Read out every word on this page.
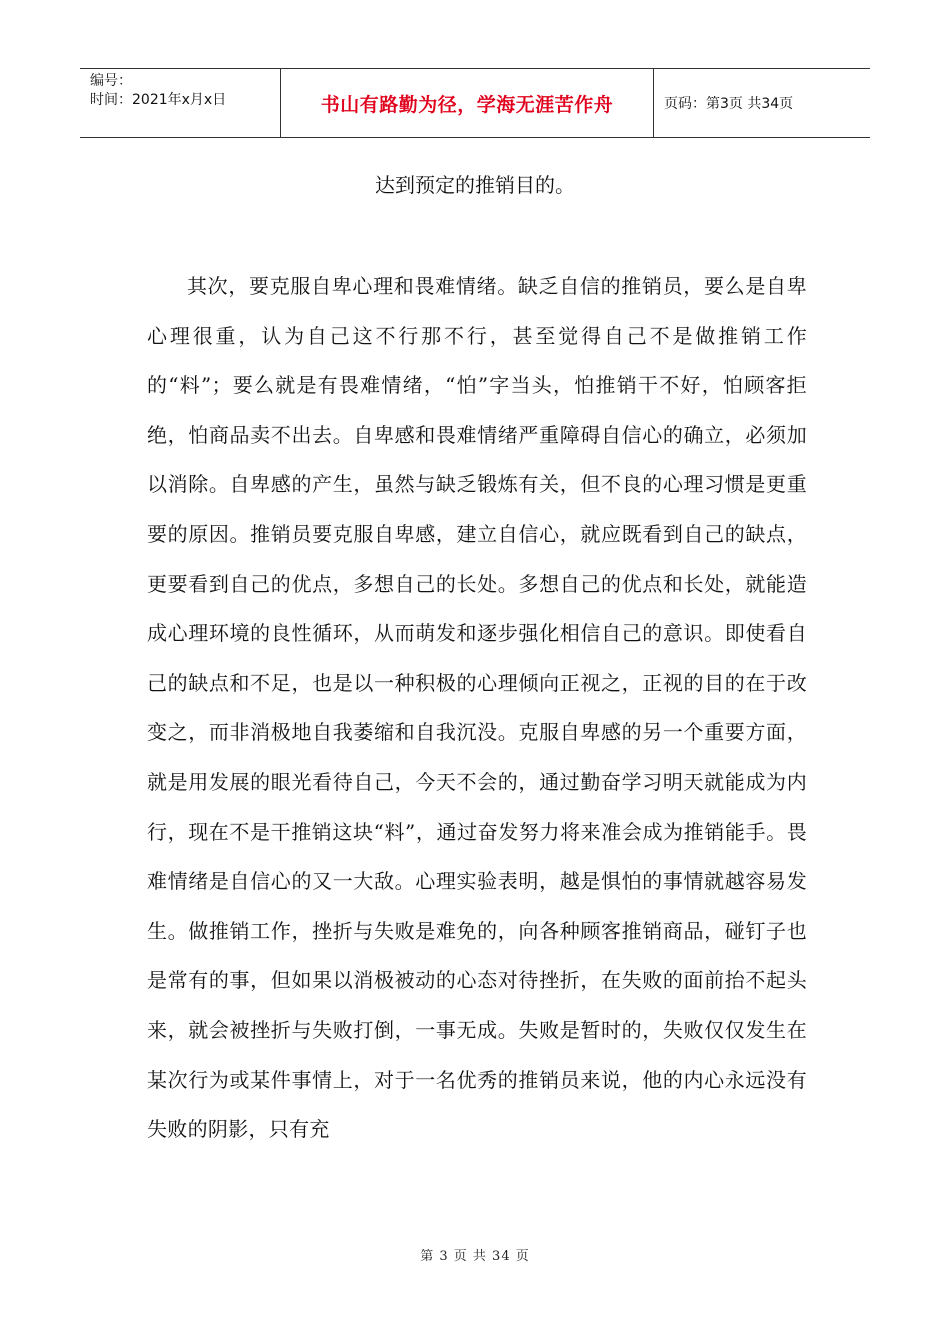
编号：
时间：2021年x月x日	书山有路勤为径，学海无涯苦作舟	页码：第3页 共34页
达到预定的推销目的。

其次，要克服自卑心理和畏难情绪。缺乏自信的推销员，要么是自卑心理很重，认为自己这不行那不行，甚至觉得自己不是做推销工作的“料”；要么就是有畏难情绪，“怕”字当头，怕推销干不好，怕顾客拒绝，怕商品卖不出去。自卑感和畏难情绪严重障碍自信心的确立，必须加以消除。自卑感的产生，虽然与缺乏锻炼有关，但不良的心理习惯是更重要的原因。推销员要克服自卑感，建立自信心，就应既看到自己的缺点，更要看到自己的优点，多想自己的长处。多想自己的优点和长处，就能造成心理环境的良性循环，从而萌发和逐步强化相信自己的意识。即使看自己的缺点和不足，也是以一种积极的心理倾向正视之，正视的目的在于改变之，而非消极地自我萎缩和自我沉没。克服自卑感的另一个重要方面，就是用发展的眼光看待自己，今天不会的，通过勤奋学习明天就能成为内行，现在不是干推销这块“料”，通过奋发努力将来准会成为推销能手。畏难情绪是自信心的又一大敌。心理实验表明，越是惧怕的事情就越容易发生。做推销工作，挫折与失败是难免的，向各种顾客推销商品，碰钉子也是常有的事，但如果以消极被动的心态对待挫折，在失败的面前抬不起头来，就会被挫折与失败打倒，一事无成。失败是暂时的，失败仅仅发生在某次行为或某件事情上，对于一名优秀的推销员来说，他的内心永远没有失败的阴影，只有充

第 3 页 共 34 页
